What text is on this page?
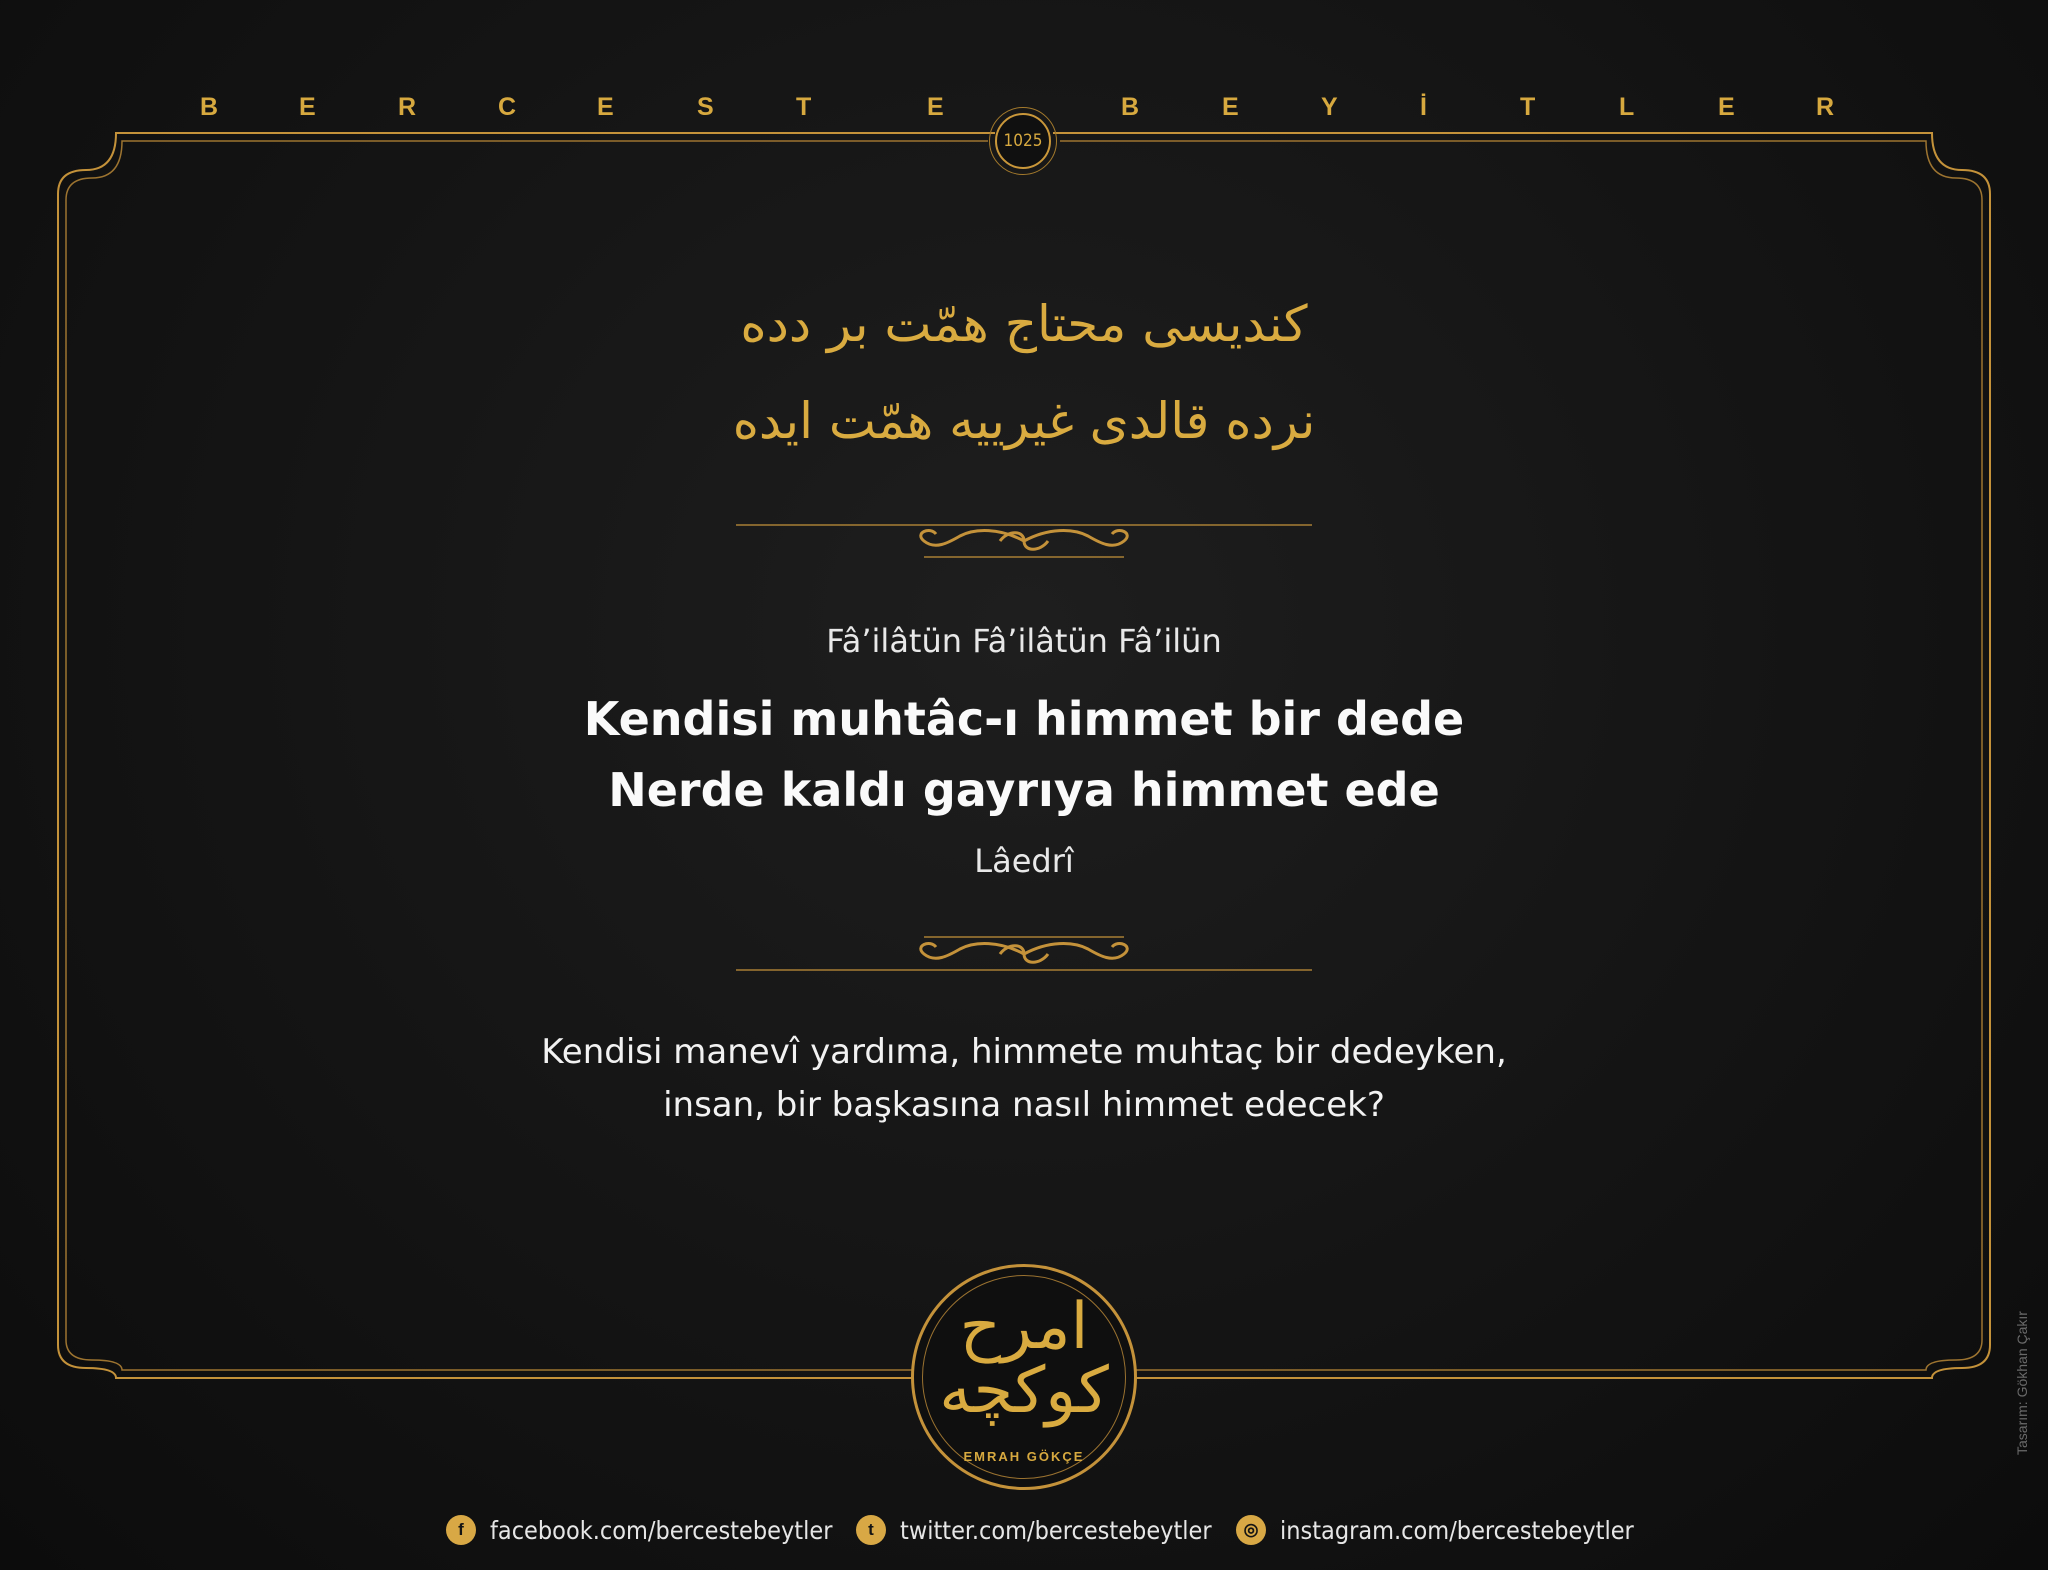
B	E	R	C	E	S	T	E	B	E	Y	İ	T	L	E	R
1025
کندیسی محتاج همّت بر دده
نرده قالدی غیرییه همّت ایده
Fâ’ilâtün Fâ’ilâtün Fâ’ilün
Kendisi muhtâc-ı himmet bir dede
Nerde kaldı gayrıya himmet ede
Lâedrî
Kendisi manevî yardıma, himmete muhtaç bir dedeyken,
insan, bir başkasına nasıl himmet edecek?
امرح كوكچه
EMRAH GÖKÇE
f	facebook.com/bercestebeytler	t	twitter.com/bercestebeytler	◎ instagram.com/bercestebeytler
Tasarım: Gökhan Çakır
